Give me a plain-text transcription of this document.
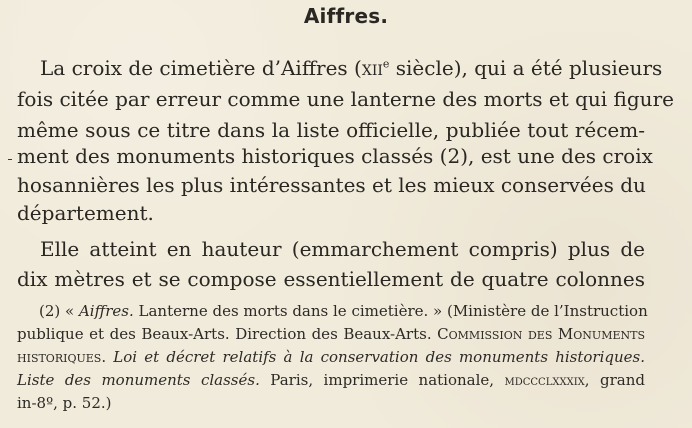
Aiffres.
La croix de cimetière d’Aiffres (xii$^e$ siècle), qui a été plusieurs
fois citée par erreur comme une lanterne des morts et qui figure
même sous ce titre dans la liste officielle, publiée tout récem-
ment des monuments historiques classés (2), est une des croix
hosannières les plus intéressantes et les mieux conservées du
département.
Elle atteint en hauteur (emmarchement compris) plus de
dix mètres et se compose essentiellement de quatre colonnes
(2) « Aiffres. Lanterne des morts dans le cimetière. » (Ministère de l’Instruction
publique et des Beaux-Arts. Direction des Beaux-Arts. Commission des Monuments
historiques. Loi et décret relatifs à la conservation des monuments historiques.
Liste des monuments classés. Paris, imprimerie nationale, mdccclxxxix, grand
in-8º, p. 52.)
